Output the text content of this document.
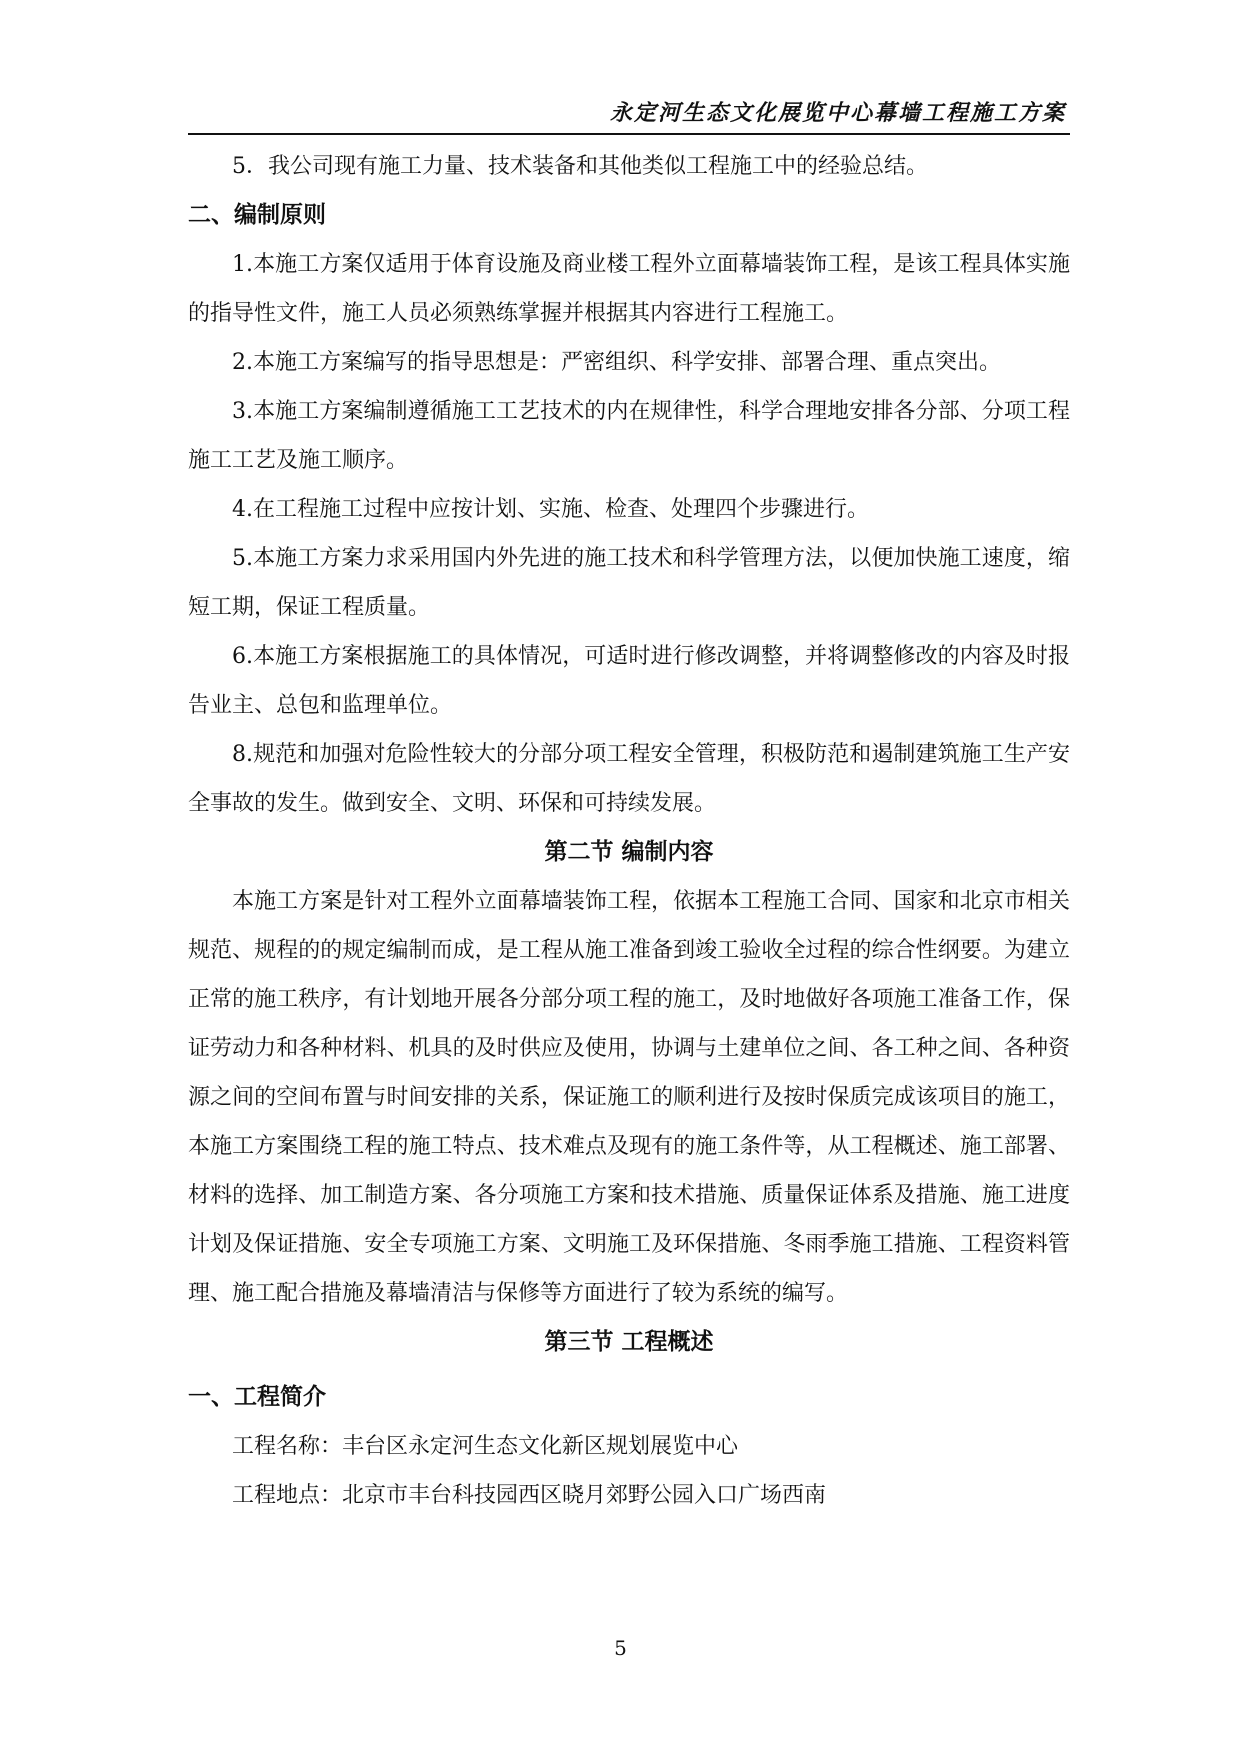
永定河生态文化展览中心幕墙工程施工方案

5．我公司现有施工力量、技术装备和其他类似工程施工中的经验总结。

二、编制原则

1.本施工方案仅适用于体育设施及商业楼工程外立面幕墙装饰工程，是该工程具体实施的指导性文件，施工人员必须熟练掌握并根据其内容进行工程施工。

2.本施工方案编写的指导思想是：严密组织、科学安排、部署合理、重点突出。

3.本施工方案编制遵循施工工艺技术的内在规律性，科学合理地安排各分部、分项工程施工工艺及施工顺序。

4.在工程施工过程中应按计划、实施、检查、处理四个步骤进行。

5.本施工方案力求采用国内外先进的施工技术和科学管理方法，以便加快施工速度，缩短工期，保证工程质量。

6.本施工方案根据施工的具体情况，可适时进行修改调整，并将调整修改的内容及时报告业主、总包和监理单位。

8.规范和加强对危险性较大的分部分项工程安全管理，积极防范和遏制建筑施工生产安全事故的发生。做到安全、文明、环保和可持续发展。

第二节 编制内容

本施工方案是针对工程外立面幕墙装饰工程，依据本工程施工合同、国家和北京市相关规范、规程的的规定编制而成，是工程从施工准备到竣工验收全过程的综合性纲要。为建立正常的施工秩序，有计划地开展各分部分项工程的施工，及时地做好各项施工准备工作，保证劳动力和各种材料、机具的及时供应及使用，协调与土建单位之间、各工种之间、各种资源之间的空间布置与时间安排的关系，保证施工的顺利进行及按时保质完成该项目的施工，本施工方案围绕工程的施工特点、技术难点及现有的施工条件等，从工程概述、施工部署、材料的选择、加工制造方案、各分项施工方案和技术措施、质量保证体系及措施、施工进度计划及保证措施、安全专项施工方案、文明施工及环保措施、冬雨季施工措施、工程资料管理、施工配合措施及幕墙清洁与保修等方面进行了较为系统的编写。

第三节 工程概述

一、工程简介

工程名称：丰台区永定河生态文化新区规划展览中心

工程地点：北京市丰台科技园西区晓月郊野公园入口广场西南

5
